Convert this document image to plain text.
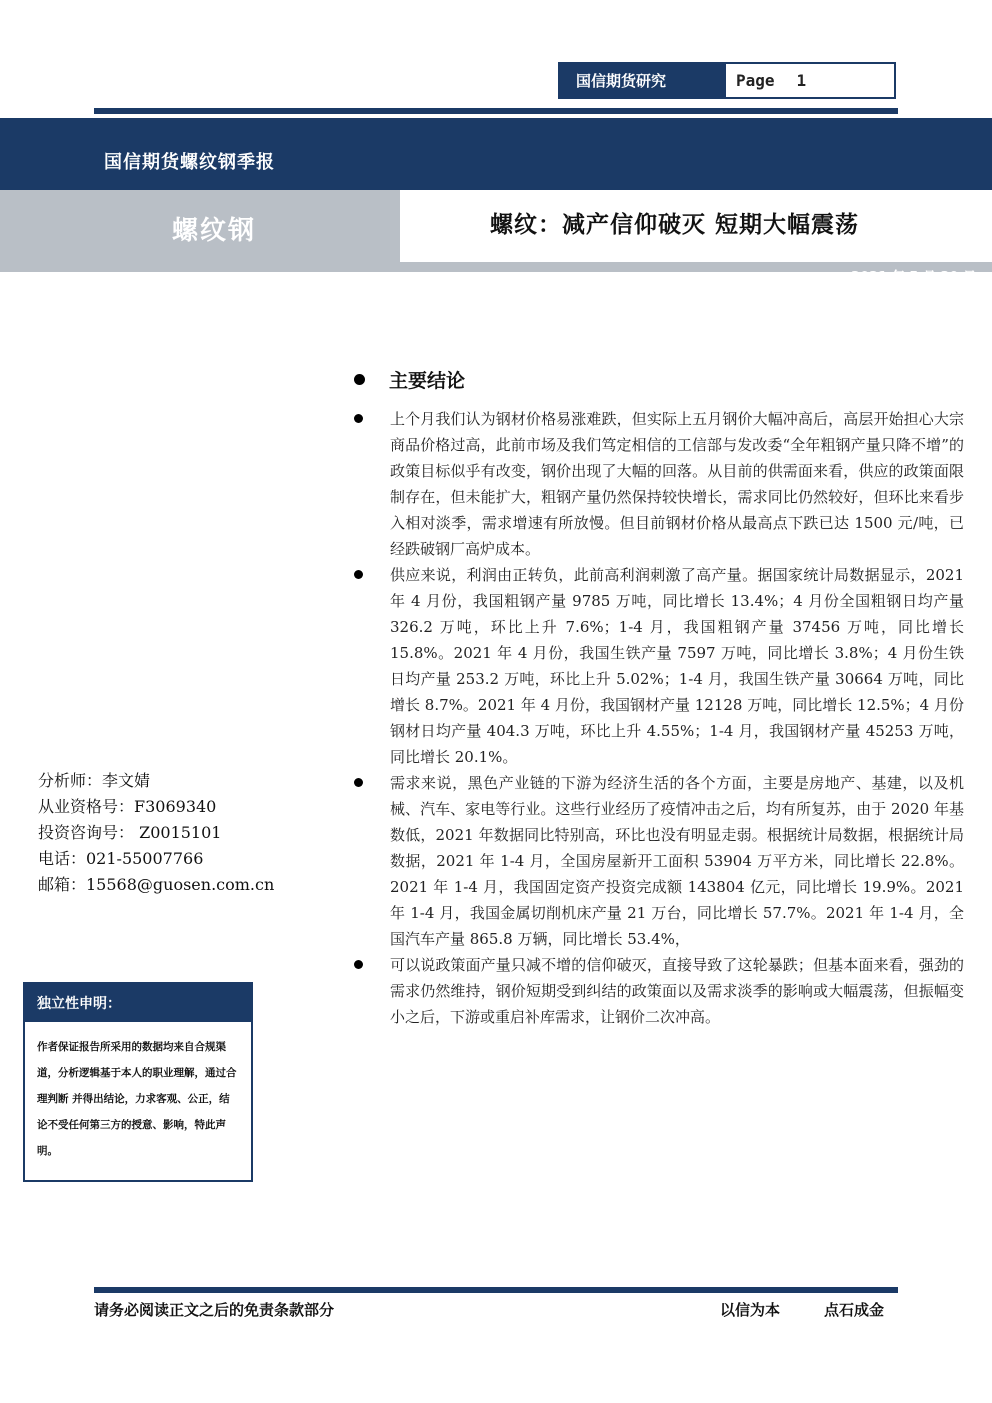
国信期货研究	Page 1
国信期货螺纹钢季报
螺纹钢	螺纹：减产信仰破灭 短期大幅震荡
2021 年 5 月 30 日
主要结论
上个月我们认为钢材价格易涨难跌，但实际上五月钢价大幅冲高后，高层开始担心大宗商品价格过高，此前市场及我们笃定相信的工信部与发改委“全年粗钢产量只降不增”的政策目标似乎有改变，钢价出现了大幅的回落。从目前的供需面来看，供应的政策面限制存在，但未能扩大，粗钢产量仍然保持较快增长，需求同比仍然较好，但环比来看步入相对淡季，需求增速有所放慢。但目前钢材价格从最高点下跌已达 1500 元/吨，已经跌破钢厂高炉成本。
供应来说，利润由正转负，此前高利润刺激了高产量。据国家统计局数据显示，2021 年 4 月份，我国粗钢产量 9785 万吨，同比增长 13.4%；4 月份全国粗钢日均产量 326.2 万吨，环比上升 7.6%；1-4 月，我国粗钢产量 37456 万吨，同比增长 15.8%。2021 年 4 月份，我国生铁产量 7597 万吨，同比增长 3.8%；4 月份生铁日均产量 253.2 万吨，环比上升 5.02%；1-4 月，我国生铁产量 30664 万吨，同比增长 8.7%。2021 年 4 月份，我国钢材产量 12128 万吨，同比增长 12.5%；4 月份钢材日均产量 404.3 万吨，环比上升 4.55%；1-4 月，我国钢材产量 45253 万吨，同比增长 20.1%。
需求来说，黑色产业链的下游为经济生活的各个方面，主要是房地产、基建，以及机械、汽车、家电等行业。这些行业经历了疫情冲击之后，均有所复苏，由于 2020 年基数低，2021 年数据同比特别高，环比也没有明显走弱。根据统计局数据，根据统计局数据，2021 年 1-4 月，全国房屋新开工面积 53904 万平方米，同比增长 22.8%。2021 年 1-4 月，我国固定资产投资完成额 143804 亿元，同比增长 19.9%。2021 年 1-4 月，我国金属切削机床产量 21 万台，同比增长 57.7%。2021 年 1-4 月，全国汽车产量 865.8 万辆，同比增长 53.4%，
可以说政策面产量只减不增的信仰破灭，直接导致了这轮暴跌；但基本面来看，强劲的需求仍然维持，钢价短期受到纠结的政策面以及需求淡季的影响或大幅震荡，但振幅变小之后，下游或重启补库需求，让钢价二次冲高。
分析师：李文婧
从业资格号：F3069340
投资咨询号： Z0015101
电话：021-55007766
邮箱：15568@guosen.com.cn
独立性申明：
作者保证报告所采用的数据均来自合规渠道，分析逻辑基于本人的职业理解，通过合理判断 并得出结论，力求客观、公正，结论不受任何第三方的授意、影响，特此声明。
请务必阅读正文之后的免责条款部分	以信为本	点石成金
